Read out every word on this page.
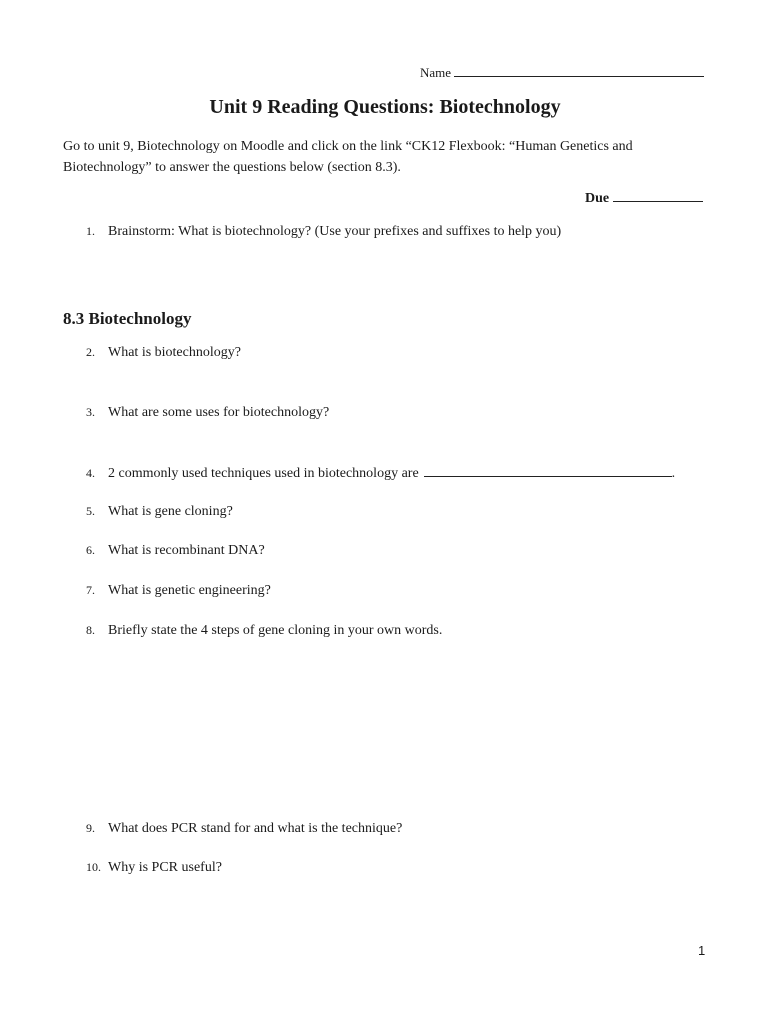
Name
Unit 9 Reading Questions: Biotechnology
Go to unit 9, Biotechnology on Moodle and click on the link “CK12 Flexbook: “Human Genetics and Biotechnology” to answer the questions below (section 8.3).
Due
1. Brainstorm: What is biotechnology? (Use your prefixes and suffixes to help you)
8.3 Biotechnology
2. What is biotechnology?
3. What are some uses for biotechnology?
4. 2 commonly used techniques used in biotechnology are	.
5. What is gene cloning?
6. What is recombinant DNA?
7. What is genetic engineering?
8. Briefly state the 4 steps of gene cloning in your own words.
9. What does PCR stand for and what is the technique?
10. Why is PCR useful?
1
